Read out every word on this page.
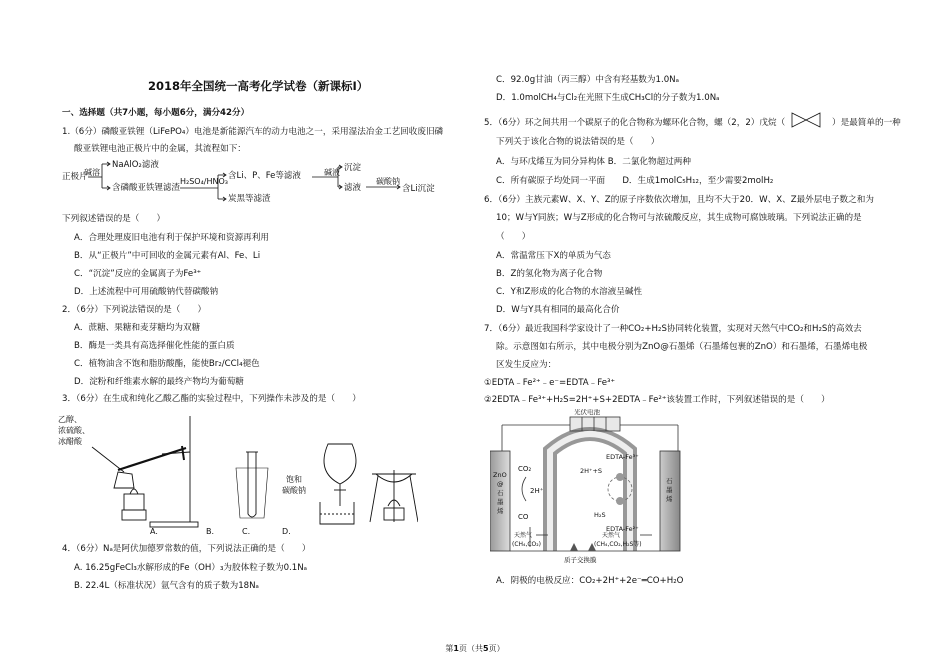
2018年全国统一高考化学试卷（新课标Ⅰ）
一、选择题（共7小题，每小题6分，满分42分）
1.（6分）磷酸亚铁锂（LiFePO₄）电池是新能源汽车的动力电池之一，采用湿法冶金工艺回收废旧磷
酸亚铁锂电池正极片中的金属，其流程如下：
正极片
碱溶
NaAlO₂滤液
含磷酸亚铁锂滤渣
H₂SO₄/HNO₃
含Li、P、Fe等滤液
炭黑等滤渣
碱液 沉淀
滤液
碳酸钠
含Li沉淀
下列叙述错误的是（　　）
A．合理处理废旧电池有利于保护环境和资源再利用
B．从“正极片”中可回收的金属元素有Al、Fe、Li
C．“沉淀”反应的金属离子为Fe³⁺
D．上述流程中可用硫酸钠代替碳酸钠
2．（6分）下列说法错误的是（　　）
A．蔗糖、果糖和麦芽糖均为双糖
B．酶是一类具有高选择催化性能的蛋白质
C．植物油含不饱和脂肪酸酯，能使Br₂/CCl₄褪色
D．淀粉和纤维素水解的最终产物均为葡萄糖
3．（6分）在生成和纯化乙酸乙酯的实验过程中，下列操作未涉及的是（　　）
乙醇、
浓硫酸、
冰醋酸
饱和
碳酸钠
A.	B.	C.	D.
4．（6分）Nₐ是阿伏加德罗常数的值，下列说法正确的是（　　）
A. 16.25gFeCl₃水解形成的Fe（OH）₃为胶体粒子数为0.1Nₐ
B. 22.4L（标准状况）氩气含有的质子数为18Nₐ
C．92.0g甘油（丙三醇）中含有羟基数为1.0Nₐ
D．1.0molCH₄与Cl₂在光照下生成CH₃Cl的分子数为1.0Nₐ
5．（6分）环之间共用一个碳原子的化合物称为螺环化合物，螺（2，2）戊烷（	）是最简单的一种
下列关于该化合物的说法错误的是（　　）
A．与环戊烯互为同分异构体 B．二氯化物超过两种
C．所有碳原子均处同一平面　　D．生成1molC₅H₁₂，至少需要2molH₂
6．（6分）主族元素W、X、Y、Z的原子序数依次增加，且均不大于20．W、X、Z最外层电子数之和为
10；W与Y同族；W与Z形成的化合物可与浓硫酸反应，其生成物可腐蚀玻璃。下列说法正确的是
（　　）
A．常温常压下X的单质为气态
B．Z的氢化物为离子化合物
C．Y和Z形成的化合物的水溶液呈碱性
D．W与Y具有相同的最高化合价
7．（6分）最近我国科学家设计了一种CO₂+H₂S协同转化装置，实现对天然气中CO₂和H₂S的高效去
除。示意图如右所示，其中电极分别为ZnO@石墨烯（石墨烯包裹的ZnO）和石墨烯，石墨烯电极
区发生反应为：
①EDTA﹣Fe²⁺﹣e⁻=EDTA﹣Fe³⁺
②2EDTA﹣Fe³⁺+H₂S=2H⁺+S+2EDTA﹣Fe²⁺该装置工作时，下列叙述错误的是（　　）
光伏电池
ZnO
@
石
墨
烯
石
墨
烯
CO₂
2H⁺
CO
EDTA-Fe³⁺
2H⁺+S
H₂S
EDTA-Fe²⁺
天然气
(CH₄,CO₂)
天然气
(CH₄,CO₂,H₂S等)
质子交换膜
A．阴极的电极反应：CO₂+2H⁺+2e⁻═CO+H₂O
第1页（共5页）
